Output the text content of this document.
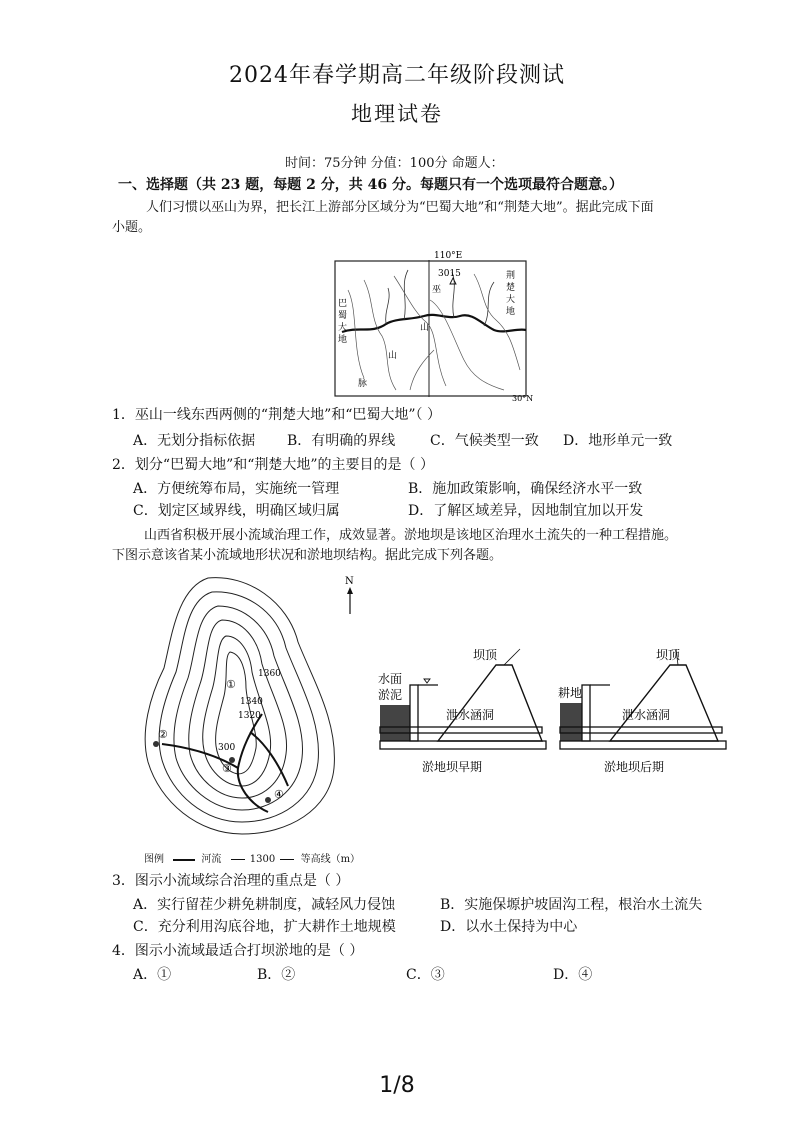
2024年春学期高二年级阶段测试
地理试卷
时间：75分钟 分值：100分 命题人：
一、选择题（共 23 题，每题 2 分，共 46 分。每题只有一个选项最符合题意。）
人们习惯以巫山为界，把长江上游部分区域分为“巴蜀大地”和“荆楚大地”。据此完成下面
小题。
110°E
30°N
3015
巫
山
山
脉
巴
蜀
大
地
荆
楚
大
地
1．巫山一线东西两侧的“荆楚大地”和“巴蜀大地”（ ）
A．无划分指标依据 B．有明确的界线 C．气候类型一致 D．地形单元一致
2．划分“巴蜀大地”和“荆楚大地”的主要目的是（ ）
A．方便统筹布局，实施统一管理	B．施加政策影响，确保经济水平一致
C．划定区域界线，明确区域归属	D．了解区域差异，因地制宜加以开发
山西省积极开展小流域治理工作，成效显著。淤地坝是该地区治理水土流失的一种工程措施。
下图示意该省某小流域地形状况和淤地坝结构。据此完成下列各题。
N
1360
1340
1320
300
①
②
③
④
图例	河流	1300	等高线（m）
坝顶
水面
淤泥
泄水涵洞
淤地坝早期
坝顶
耕地
泄水涵洞
淤地坝后期
3．图示小流域综合治理的重点是（ ）
A．实行留茬少耕免耕制度，减轻风力侵蚀	B．实施保塬护坡固沟工程，根治水土流失
C．充分利用沟底谷地，扩大耕作土地规模	D．以水土保持为中心
4．图示小流域最适合打坝淤地的是（ ）
A．①	B．②	C．③	D．④
1/8
